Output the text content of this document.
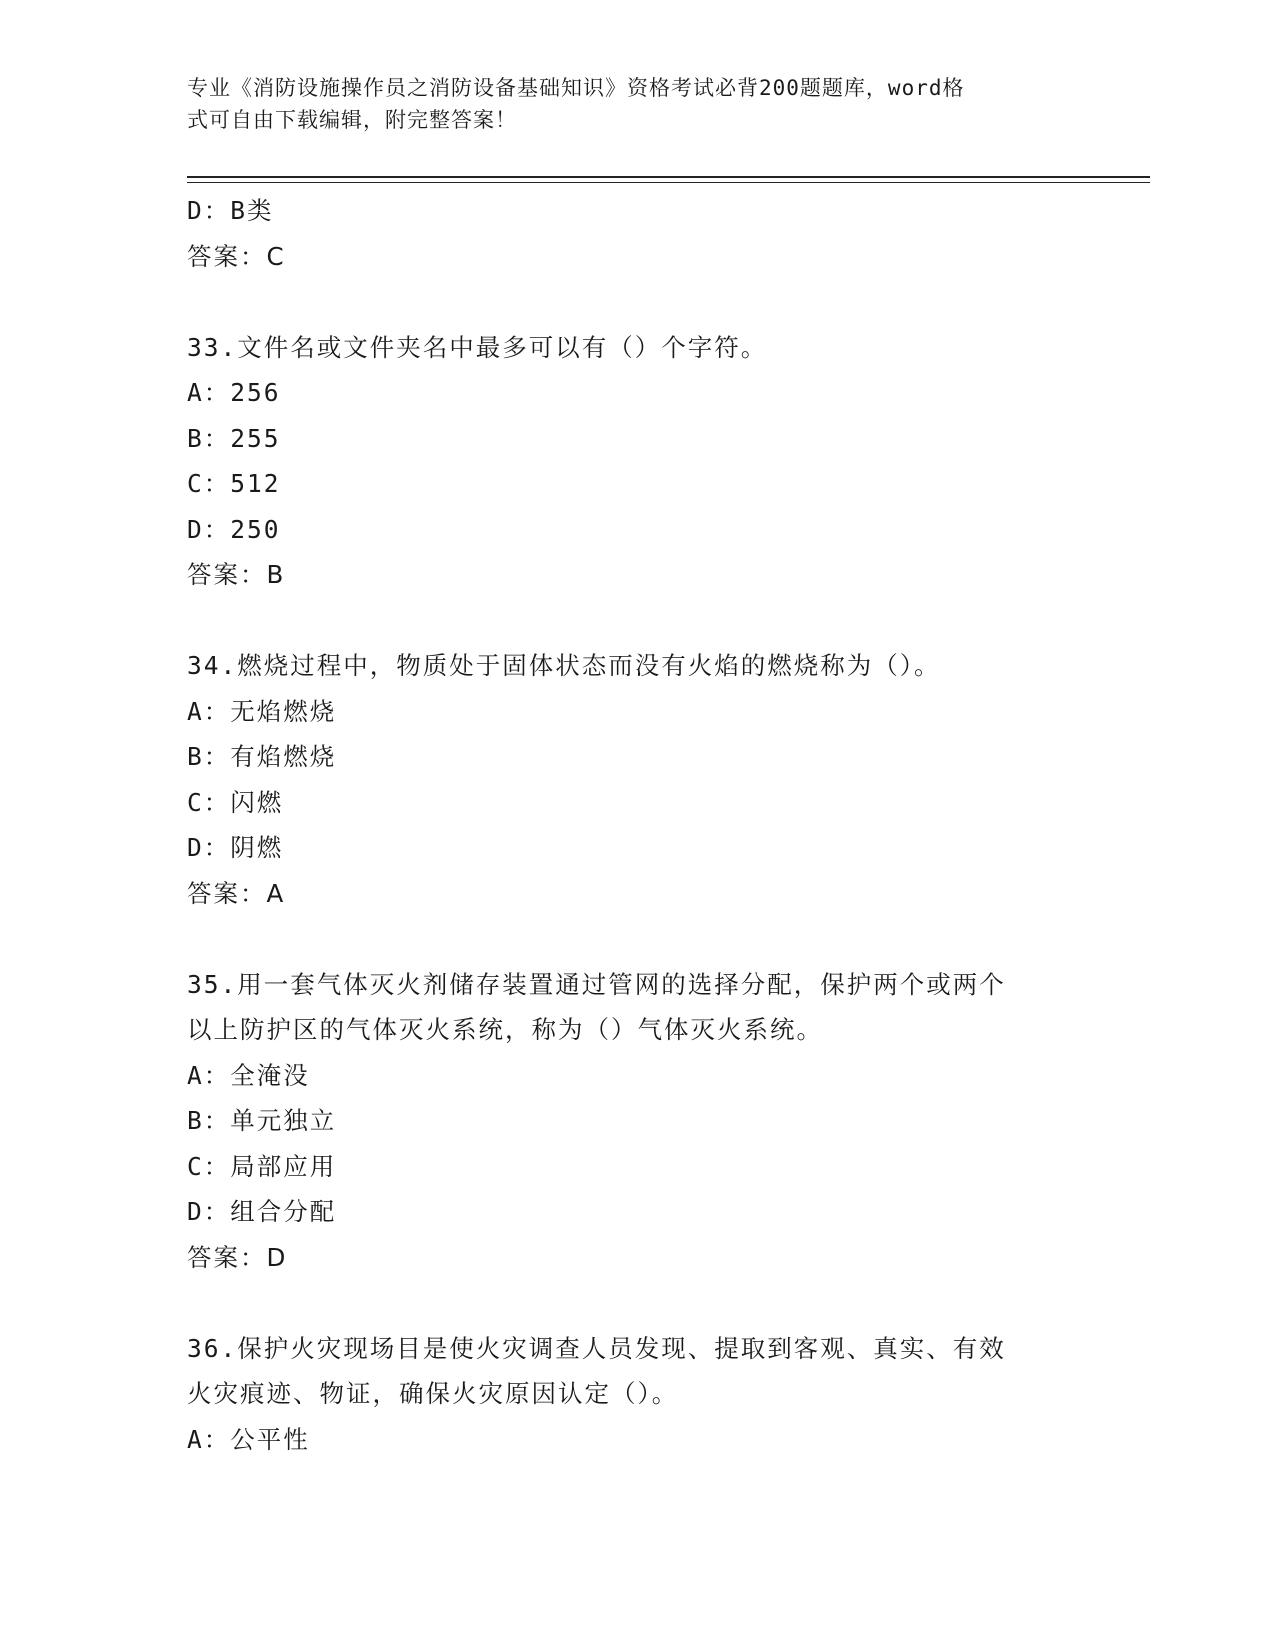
专业《消防设施操作员之消防设备基础知识》资格考试必背200题题库，word格
式可自由下载编辑，附完整答案！
D：B类
答案：C
33.文件名或文件夹名中最多可以有（）个字符。
A：256
B：255
C：512
D：250
答案：B
34.燃烧过程中，物质处于固体状态而没有火焰的燃烧称为（）。
A：无焰燃烧
B：有焰燃烧
C：闪燃
D：阴燃
答案：A
35.用一套气体灭火剂储存装置通过管网的选择分配，保护两个或两个
以上防护区的气体灭火系统，称为（）气体灭火系统。
A：全淹没
B：单元独立
C：局部应用
D：组合分配
答案：D
36.保护火灾现场目是使火灾调查人员发现、提取到客观、真实、有效
火灾痕迹、物证，确保火灾原因认定（）。
A：公平性
